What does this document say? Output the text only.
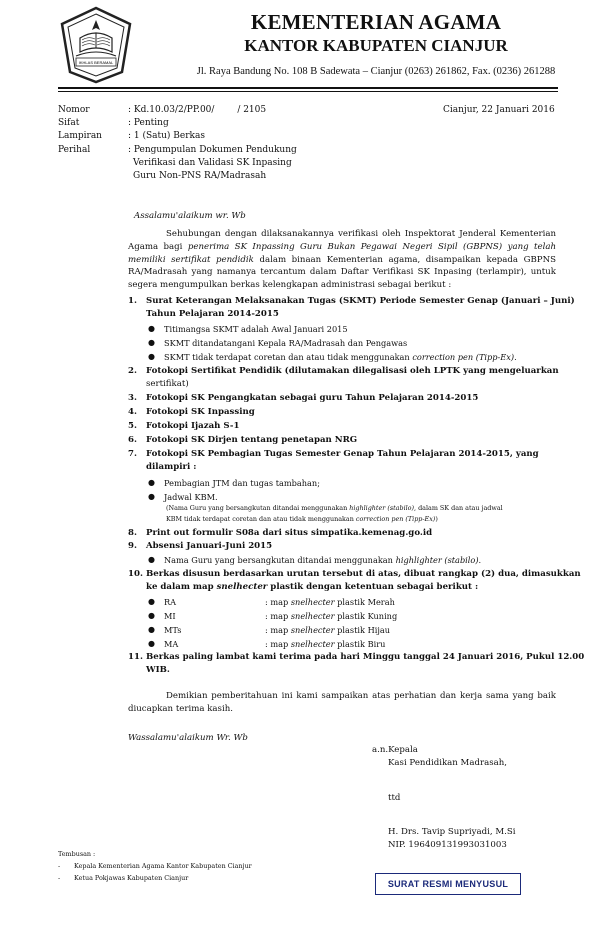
IKHLAS BERAMAL
KEMENTERIAN AGAMA
KANTOR KABUPATEN CIANJUR
Jl. Raya Bandung No. 108 B Sadewata – Cianjur (0263) 261862, Fax. (0236) 261288
Nomor	: Kd.10.03/2/PP.00/        / 2105	Cianjur, 22 Januari 2016
Sifat	: Penting
Lampiran	: 1 (Satu) Berkas
Perihal	: Pengumpulan Dokumen Pendukung
Verifikasi dan Validasi SK Inpasing
Guru Non-PNS RA/Madrasah
Assalamu'alaikum wr. Wb
Sehubungan dengan dilaksanakannya verifikasi oleh Inspektorat Jenderal Kementerian Agama bagi penerima SK Inpassing Guru Bukan Pegawai Negeri Sipil (GBPNS) yang telah memiliki sertifikat pendidik dalam binaan Kementerian agama, disampaikan kepada GBPNS RA/Madrasah yang namanya tercantum dalam Daftar Verifikasi SK Inpasing (terlampir), untuk segera mengumpulkan berkas kelengkapan administrasi sebagai berikut :
1. Surat Keterangan Melaksanakan Tugas (SKMT) Periode Semester Genap (Januari – Juni)
Tahun Pelajaran 2014-2015
● Titimangsa SKMT adalah Awal Januari 2015
● SKMT ditandatangani Kepala RA/Madrasah dan Pengawas
● SKMT tidak terdapat coretan dan atau tidak menggunakan correction pen (Tipp-Ex).
2. Fotokopi Sertifikat Pendidik (dilutamakan dilegalisasi oleh LPTK yang mengeluarkan
sertifikat)
3. Fotokopi SK Pengangkatan sebagai guru Tahun Pelajaran 2014-2015
4. Fotokopi SK Inpassing
5. Fotokopi Ijazah S-1
6. Fotokopi SK Dirjen tentang penetapan NRG
7. Fotokopi SK Pembagian Tugas Semester Genap Tahun Pelajaran 2014-2015, yang
dilampiri :
● Pembagian JTM dan tugas tambahan;
● Jadwal KBM.
(Nama Guru yang bersangkutan ditandai menggunakan highlighter (stabilo), dalam SK dan atau jadwal
KBM tidak terdapat coretan dan atau tidak menggunakan correction pen (Tipp-Ex))
8. Print out formulir S08a dari situs simpatika.kemenag.go.id
9. Absensi Januari-Juni 2015
● Nama Guru yang bersangkutan ditandai menggunakan highlighter (stabilo).
10. Berkas disusun berdasarkan urutan tersebut di atas, dibuat rangkap (2) dua, dimasukkan
ke dalam map snelhecter plastik dengan ketentuan sebagai berikut :
● RA	: map snelhecter plastik Merah
● MI	: map snelhecter plastik Kuning
● MTs	: map snelhecter plastik Hijau
● MA	: map snelhecter plastik Biru
11. Berkas paling lambat kami terima pada hari Minggu tanggal 24 Januari 2016, Pukul 12.00
WIB.
Demikian pemberitahuan ini kami sampaikan atas perhatian dan kerja sama yang baik diucapkan terima kasih.
Wassalamu'alaikum Wr. Wb
a.n.Kepala
Kasi Pendidikan Madrasah,
ttd
H. Drs. Tavip Supriyadi, M.Si
NIP. 196409131993031003
Tembusan :
- Kepala Kementerian Agama Kantor Kabupaten Cianjur
- Ketua Pokjawas Kabupaten Cianjur
SURAT RESMI MENYUSUL
